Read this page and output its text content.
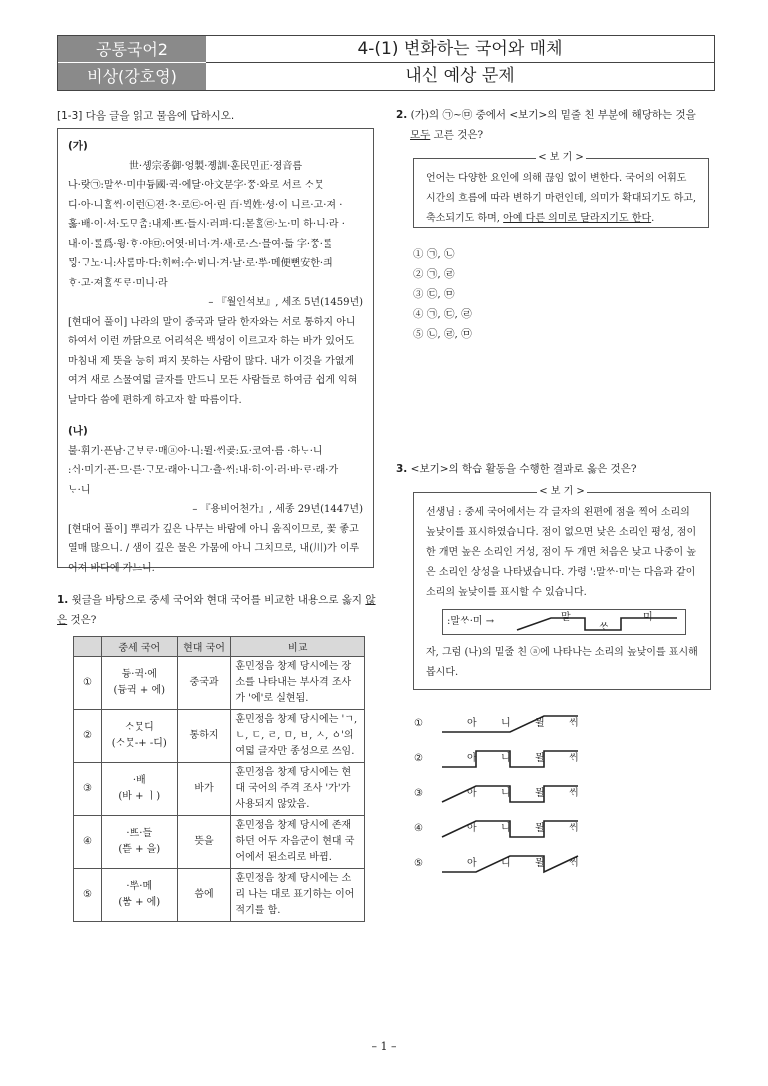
공통국어2
비상(강호영)
4-(1) 변화하는 국어와 매체
내신 예상 문제
[1-3] 다음 글을 읽고 물음에 답하시오.

(가)

世·솅宗종御·엉製·졩訓·훈民민正·졍音름

나·랏㉠:말ᄊᆞ·미中듕國·귁·에달·아文문字·ᄍᆞᆼ·와로 서르 ᄉᆞᄆᆞᆺ

디·아·니ᄒᆞᆯᄊᆡ·이런㉡젼·ᄎᆞ·로㉢·어·린 百·ᄇᆡᆨ姓·셩·이 니르·고·져 ·

홇·배·이·셔·도ᄆᆞᄎᆞᆷ:내제·ᄠᅳ·들시·러펴·디:몯ᄒᆞᆯ㉣·노·미 하·니·라 ·

내·이·ᄅᆞᆯ爲·윙·ᄒᆞ·야㉤:어엿·비너·겨·새·로·스·믈여·듧 字·ᄍᆞᆼ·ᄅᆞᆯ

ᄆᆡᇰ·ᄀᆞ노·니:사ᄅᆞᆷ마·다:ᄒᆡᅇᅧ:수·ᄫᅵ니·겨·날·로·ᄡᅮ·메便뼌安한·킈

ᄒᆞ·고·져ᄒᆞᆯᄯᆞᄅᆞ·미니·라

– 『월인석보』, 세조 5년(1459년)

[현대어 풀이] 나라의 말이 중국과 달라 한자와는 서로 통하지 아니하여서 이런 까닭으로 어리석은 백성이 이르고자 하는 바가 있어도 마침내 제 뜻을 능히 펴지 못하는 사람이 많다. 내가 이것을 가엾게 여겨 새로 스물여덟 글자를 만드니 모든 사람들로 하여금 쉽게 익혀 날마다 씀에 편하게 하고자 할 따름이다.

(나)

불·휘기·픈남·ᄀᆞᆫᄇᆞᄅᆞ·매ⓐ아·니:뮐·ᄊᆡ곶:됴·코여·름 ·하ᄂᆞ·니

:ᄉᆡ·미기·픈·므·른·ᄀᆞ모·래아·니그·츨·ᄊᆡ:내·히·이·러·바·ᄅᆞ·래·가

ᄂᆞ·니

– 『용비어천가』, 세종 29년(1447년)

[현대어 풀이] 뿌리가 깊은 나무는 바람에 아니 움직이므로, 꽃 좋고 열매 많으니. / 샘이 깊은 물은 가뭄에 아니 그치므로, 내(川)가 이루어져 바다에 가느니.

1. 윗글을 바탕으로 중세 국어와 현대 국어를 비교한 내용으로 옳지 않은 것은?
	중세 국어	현대 국어	비교
①	듕·귁·에
(듕귁 + 에)	중국과	훈민정음 창제 당시에는 장소를 나타내는 부사격 조사가 '에'로 실현됨.
②	ᄉᆞᄆᆞᆺ디
(ᄉᆞᄆᆞᆺ-+ -디)	통하지	훈민정음 창제 당시에는 'ㄱ, ㄴ, ㄷ, ㄹ, ㅁ, ㅂ, ㅅ, ㆁ'의 여덟 글자만 종성으로 쓰임.
③	·배
(바 + ㅣ)	바가	훈민정음 창제 당시에는 현대 국어의 주격 조사 '가'가 사용되지 않았음.
④	·ᄠᅳ·들
(ᄠᅳᆮ + 을)	뜻을	훈민정음 창제 당시에 존재하던 어두 자음군이 현대 국어에서 된소리로 바뀜.
⑤	·ᄡᅮ·메
(ᄡᅮᆷ + 에)	씀에	훈민정음 창제 당시에는 소리 나는 대로 표기하는 이어적기를 함.
2. (가)의 ㉠~㉤ 중에서 <보기>의 밑줄 친 부분에 해당하는 것을
모두 고른 것은?
< 보 기 >
언어는 다양한 요인에 의해 끊임 없이 변한다. 국어의 어휘도 시간의 흐름에 따라 변하기 마련인데, 의미가 확대되기도 하고, 축소되기도 하며, 아예 다른 의미로 달라지기도 한다.
① ㉠, ㉡
② ㉠, ㉣
③ ㉢, ㉤
④ ㉠, ㉢, ㉣
⑤ ㉡, ㉣, ㉤
3. <보기>의 학습 활동을 수행한 결과로 옳은 것은?
< 보 기 >
선생님 : 중세 국어에서는 각 글자의 왼편에 점을 찍어 소리의 높낮이를 표시하였습니다. 점이 없으면 낮은 소리인 평성, 점이 한 개면 높은 소리인 거성, 점이 두 개면 처음은 낮고 나중이 높은 소리인 상성을 나타냈습니다. 가령 ':말ᄊᆞ·미'는 다음과 같이 소리의 높낮이를 표시할 수 있습니다.
:말ᄊᆞ·미 →	말
ᄊᆞ
미
자, 그럼 (나)의 밑줄 친 ⓐ에 나타나는 소리의 높낮이를 표시해 봅시다.
①	아 니 뮐 ᄊᆡ
②	아 니 뮐 ᄊᆡ
③	아 니 뮐 ᄊᆡ
④	아 니 뮐 ᄊᆡ
⑤	아 니 뮐 ᄊᆡ
– 1 –
